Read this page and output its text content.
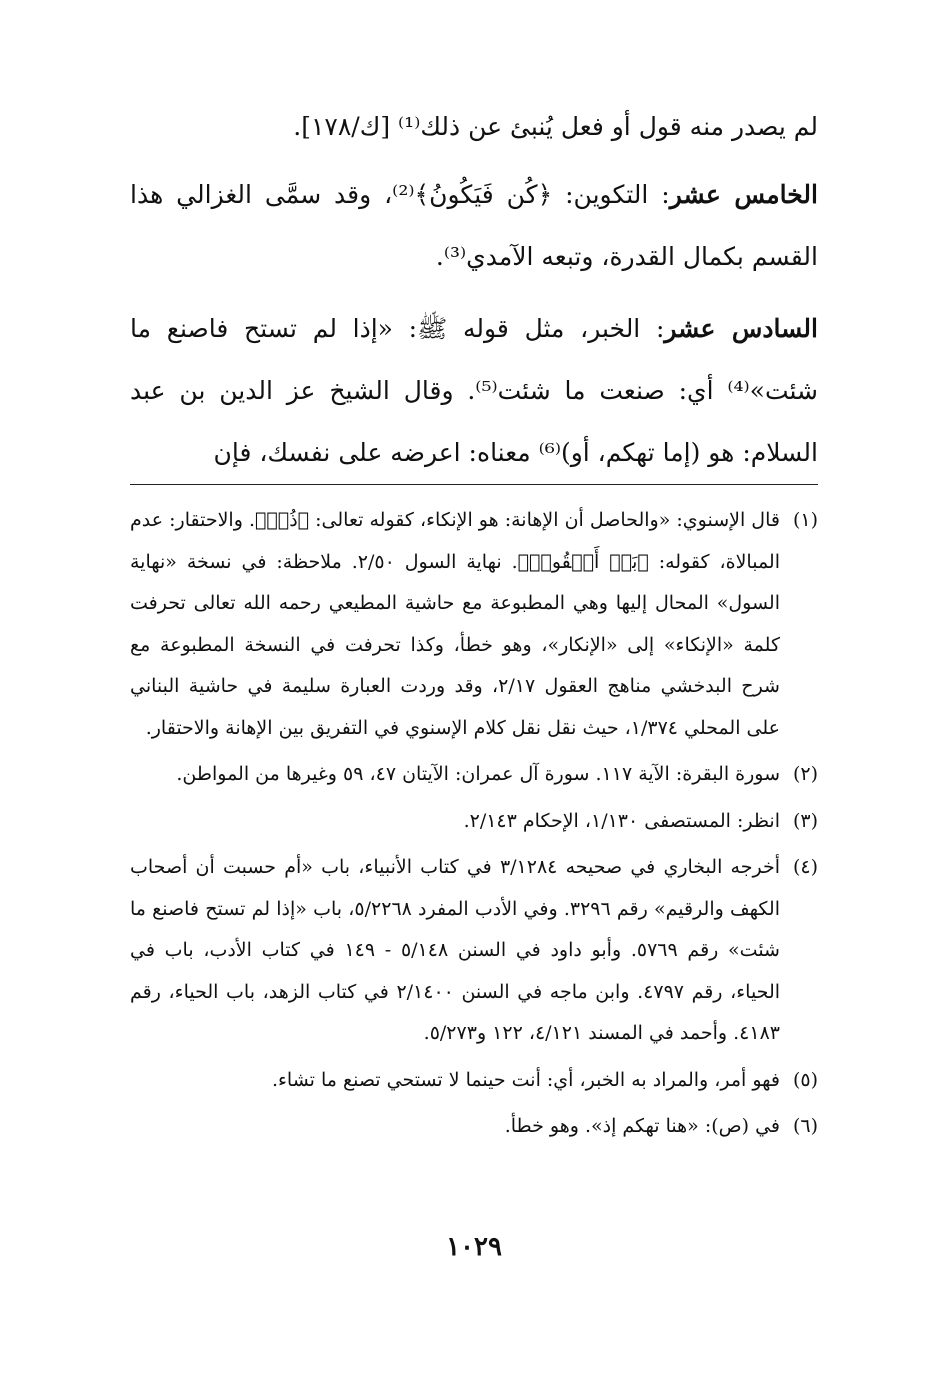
لم يصدر منه قول أو فعل يُنبئ عن ذلك⁽¹⁾ [ك/١٧٨].

الخامس عشر: التكوين: ﴿كُن فَيَكُونُ﴾⁽²⁾، وقد سمَّى الغزالي هذا القسم بكمال القدرة، وتبعه الآمدي⁽³⁾.

السادس عشر: الخبر، مثل قوله ﷺ: «إذا لم تستح فاصنع ما شئت»⁽⁴⁾ أي: صنعت ما شئت⁽⁵⁾. وقال الشيخ عز الدين بن عبد السلام: هو (إما تهكم، أو)⁽⁶⁾ معناه: اعرضه على نفسك، فإن

(١)
قال الإسنوي: «والحاصل أن الإهانة: هو الإنكاء، كقوله تعالى: ﴿ذُقۡ﴾. والاحتقار: عدم المبالاة، كقوله: ﴿بَلۡ أَلۡقُوا۟﴾. نهاية السول ٢/٥٠. ملاحظة: في نسخة «نهاية السول» المحال إليها وهي المطبوعة مع حاشية المطيعي رحمه الله تعالى تحرفت كلمة «الإنكاء» إلى «الإنكار»، وهو خطأ، وكذا تحرفت في النسخة المطبوعة مع شرح البدخشي مناهج العقول ٢/١٧، وقد وردت العبارة سليمة في حاشية البناني على المحلي ١/٣٧٤، حيث نقل نقل كلام الإسنوي في التفريق بين الإهانة والاحتقار.
(٢)
سورة البقرة: الآية ١١٧. سورة آل عمران: الآيتان ٤٧، ٥٩ وغيرها من المواطن.
(٣)
انظر: المستصفى ١/١٣٠، الإحكام ٢/١٤٣.
(٤)
أخرجه البخاري في صحيحه ٣/١٢٨٤ في كتاب الأنبياء، باب «أم حسبت أن أصحاب الكهف والرقيم» رقم ٣٢٩٦. وفي الأدب المفرد ٥/٢٢٦٨، باب «إذا لم تستح فاصنع ما شئت» رقم ٥٧٦٩. وأبو داود في السنن ٥/١٤٨ - ١٤٩ في كتاب الأدب، باب في الحياء، رقم ٤٧٩٧. وابن ماجه في السنن ٢/١٤٠٠ في كتاب الزهد، باب الحياء، رقم ٤١٨٣. وأحمد في المسند ٤/١٢١، ١٢٢ و٥/٢٧٣.
(٥)
فهو أمر، والمراد به الخبر، أي: أنت حينما لا تستحي تصنع ما تشاء.
(٦)
في (ص): «هنا تهكم إذ». وهو خطأ.
١٠٢٩
